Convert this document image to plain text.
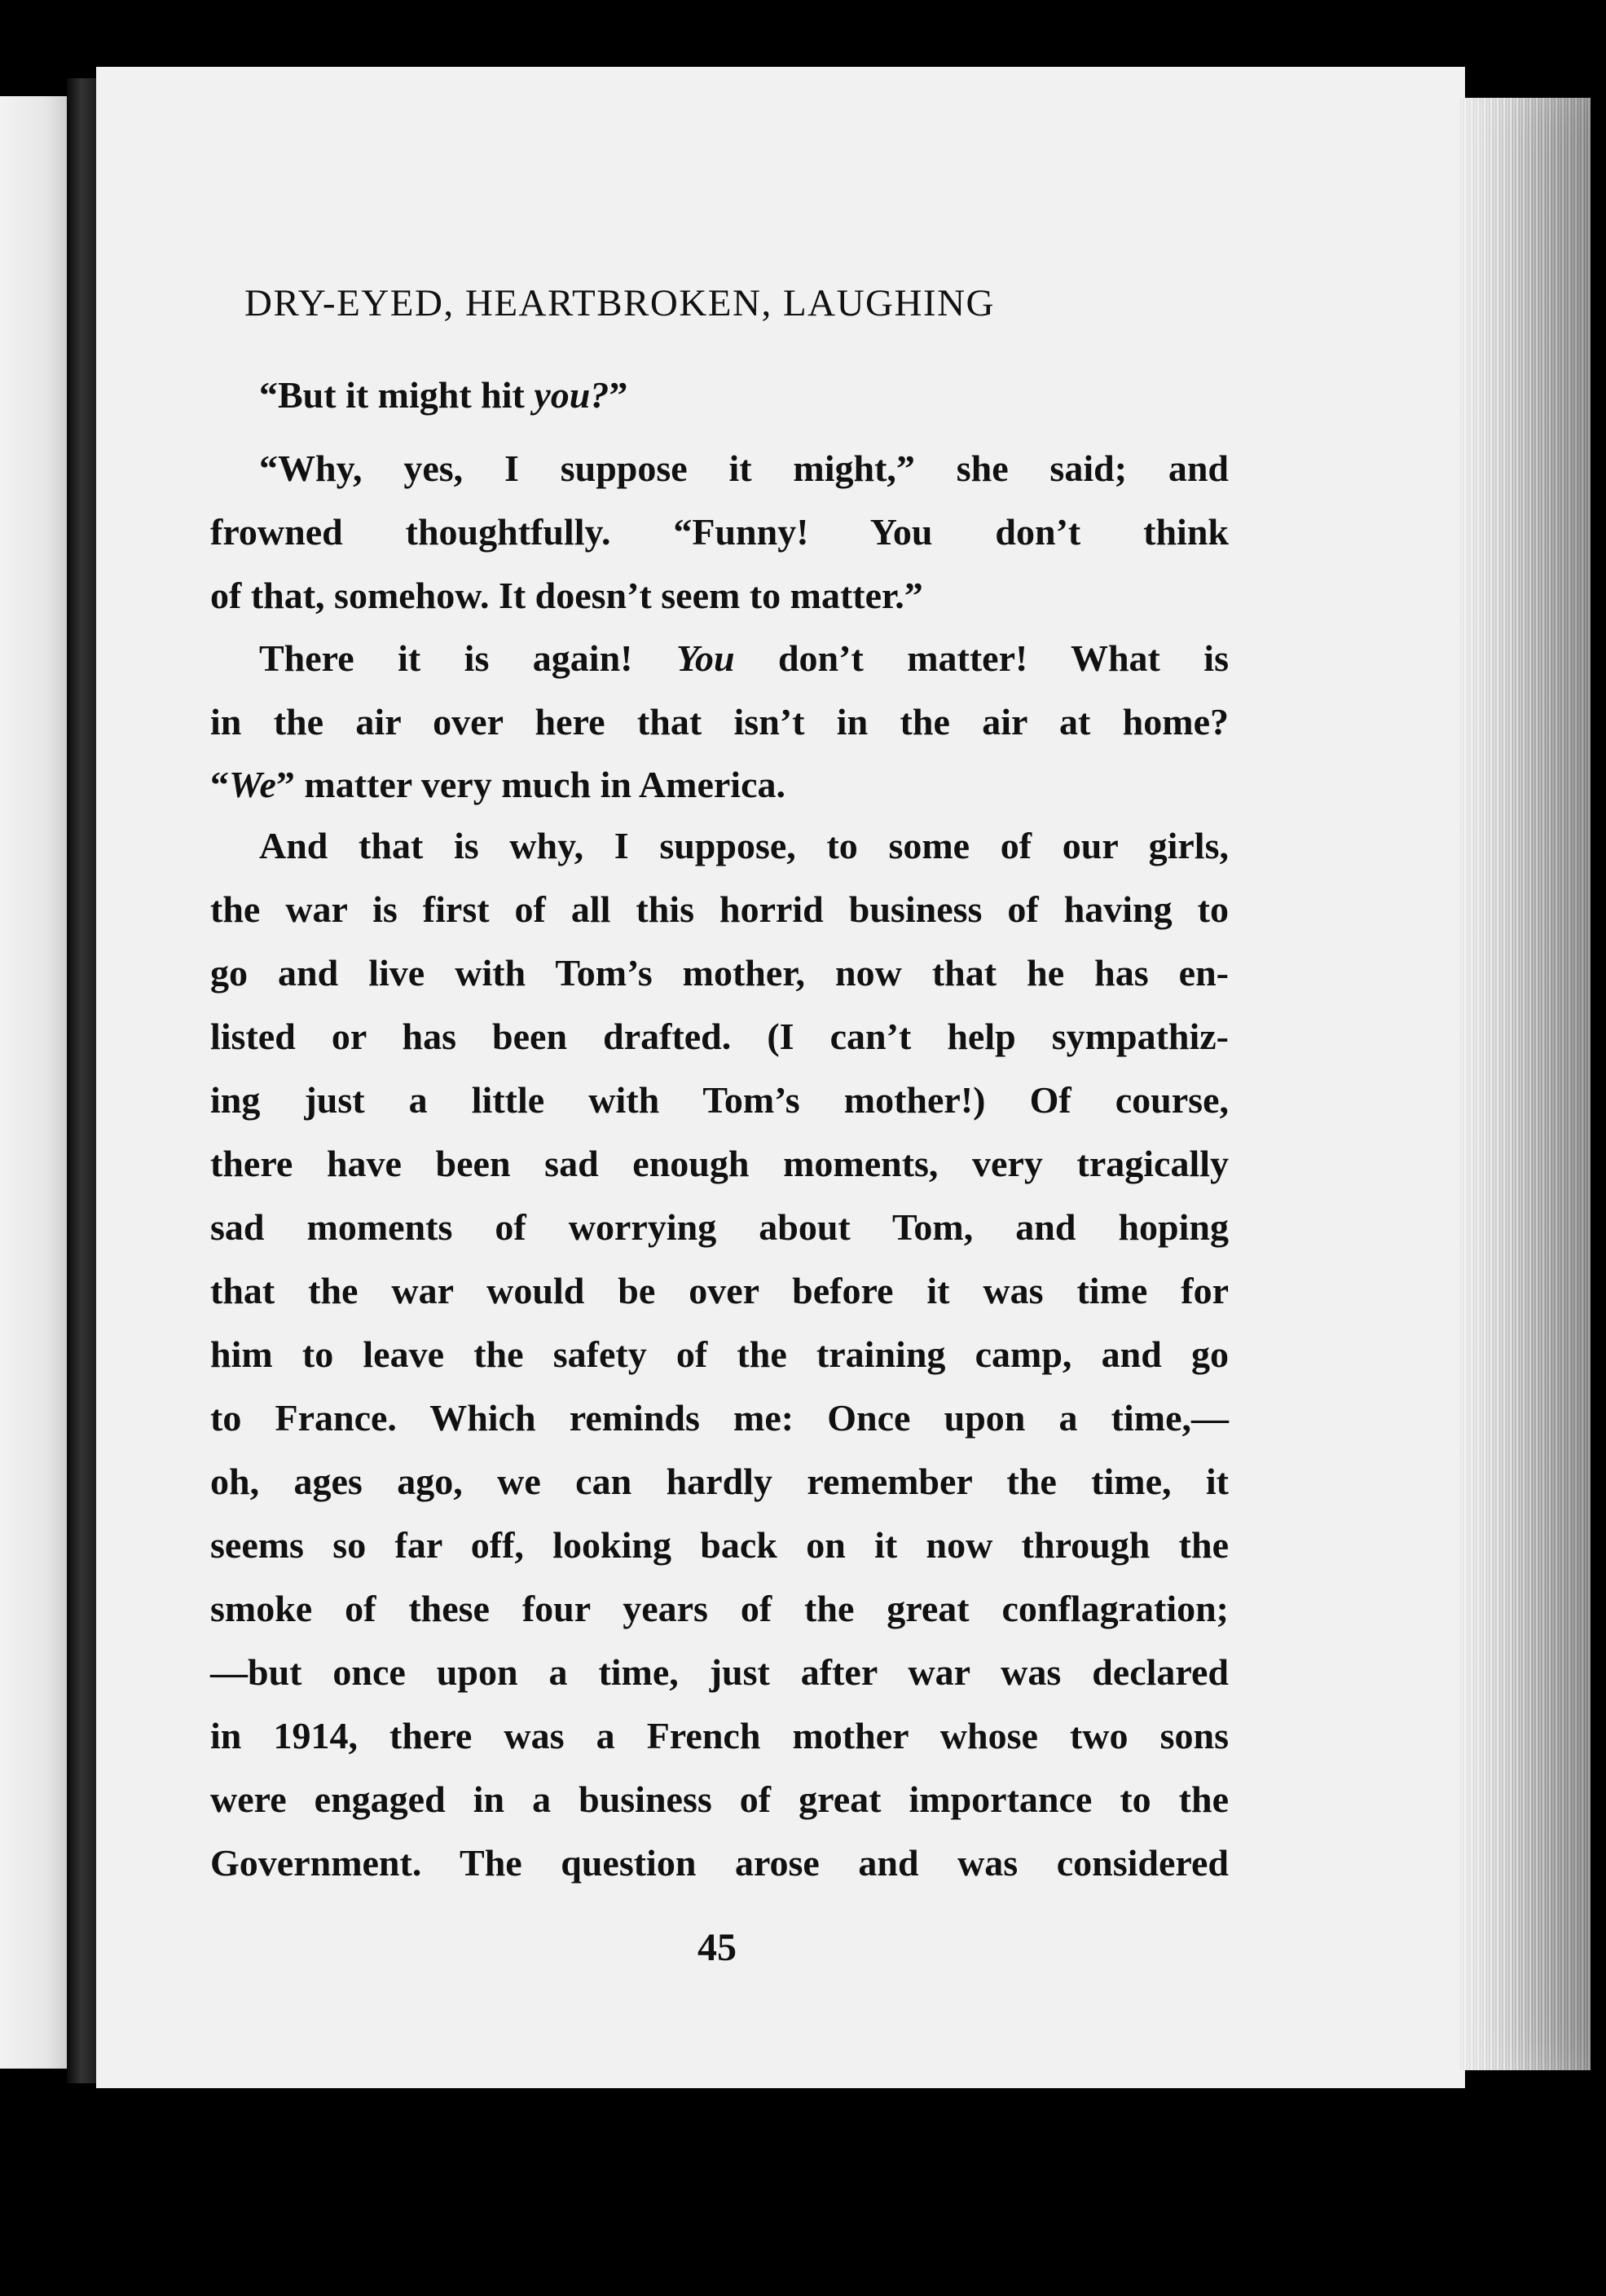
DRY-EYED, HEARTBROKEN, LAUGHING

“But it might hit you?”

“Why, yes, I suppose it might,” she said; and

frowned thoughtfully. “Funny! You don’t think

of that, somehow. It doesn’t seem to matter.”

There it is again! You don’t matter! What is

in the air over here that isn’t in the air at home?

“We” matter very much in America.

And that is why, I suppose, to some of our girls,

the war is first of all this horrid business of having to

go and live with Tom’s mother, now that he has en-

listed or has been drafted. (I can’t help sympathiz-

ing just a little with Tom’s mother!) Of course,

there have been sad enough moments, very tragically

sad moments of worrying about Tom, and hoping

that the war would be over before it was time for

him to leave the safety of the training camp, and go

to France. Which reminds me: Once upon a time,—

oh, ages ago, we can hardly remember the time, it

seems so far off, looking back on it now through the

smoke of these four years of the great conflagration;

—but once upon a time, just after war was declared

in 1914, there was a French mother whose two sons

were engaged in a business of great importance to the

Government. The question arose and was considered

45
